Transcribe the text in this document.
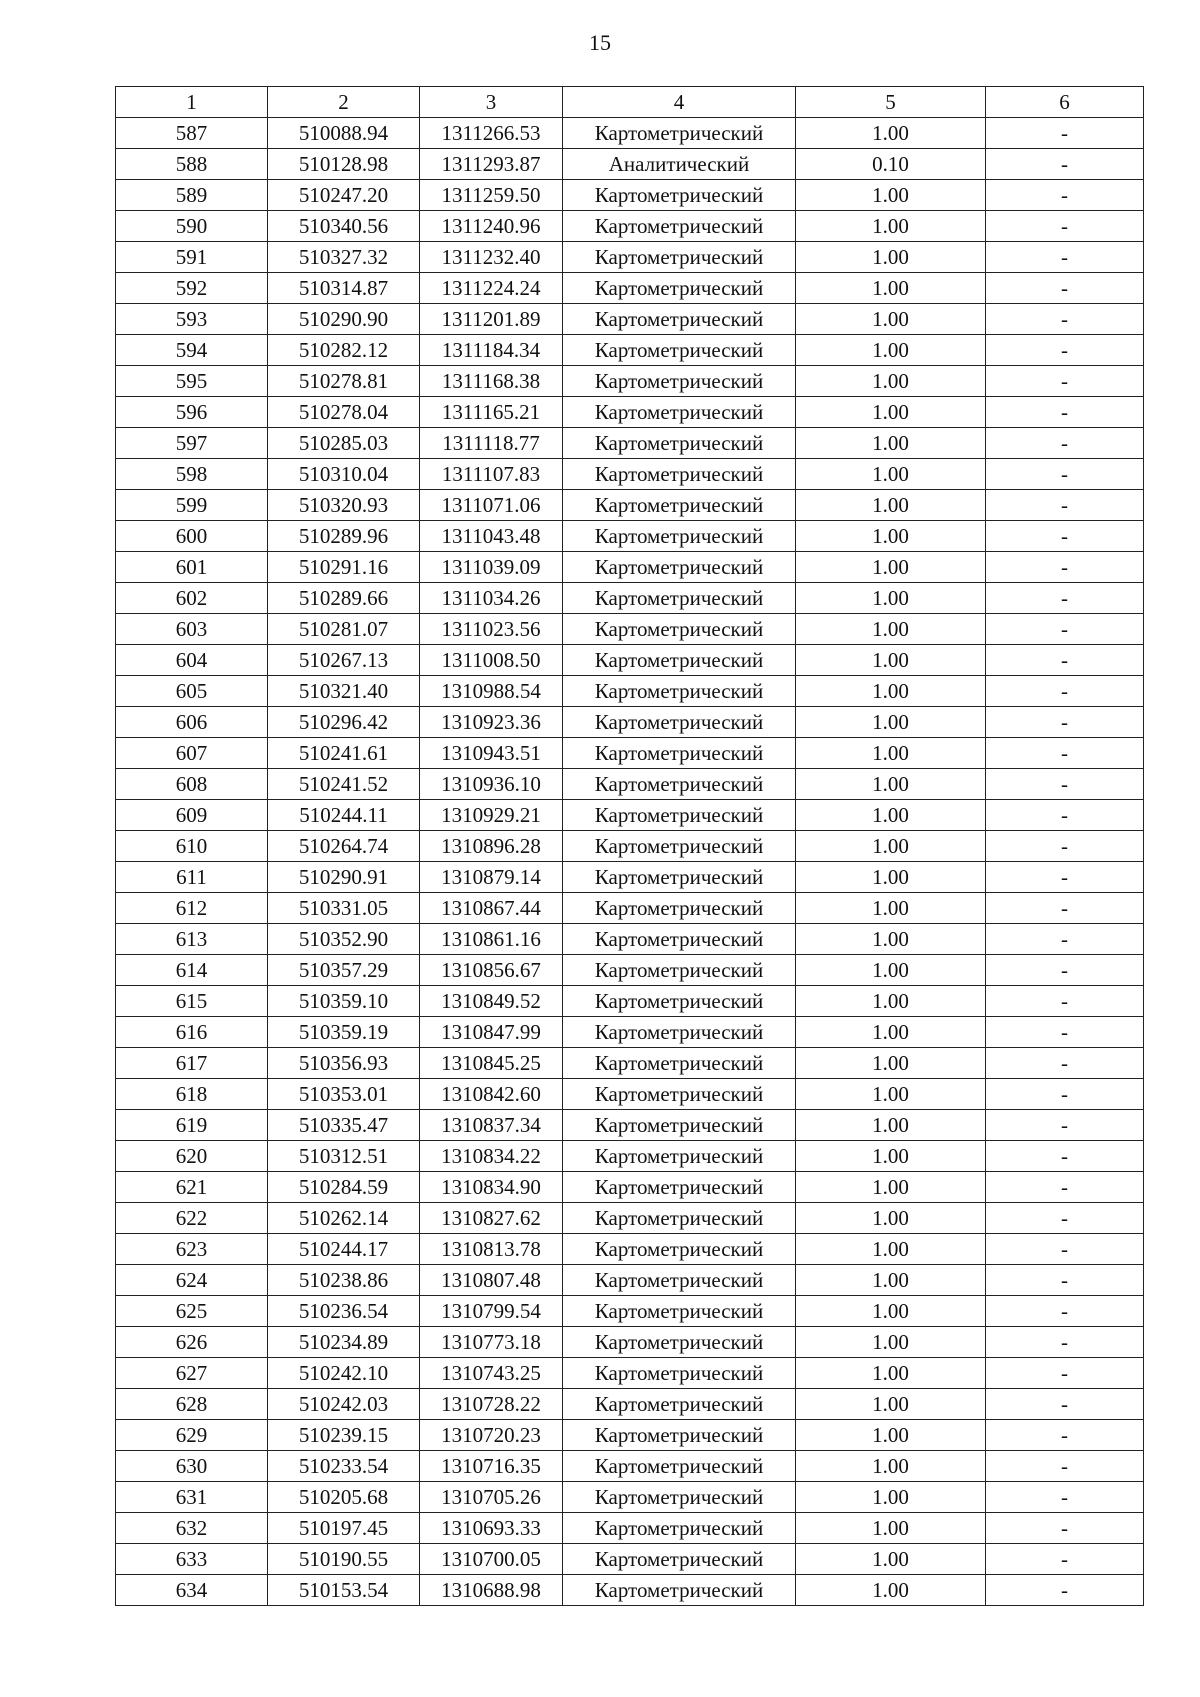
15
1	2	3	4	5	6
587	510088.94	1311266.53	Картометрический	1.00	-
588	510128.98	1311293.87	Аналитический	0.10	-
589	510247.20	1311259.50	Картометрический	1.00	-
590	510340.56	1311240.96	Картометрический	1.00	-
591	510327.32	1311232.40	Картометрический	1.00	-
592	510314.87	1311224.24	Картометрический	1.00	-
593	510290.90	1311201.89	Картометрический	1.00	-
594	510282.12	1311184.34	Картометрический	1.00	-
595	510278.81	1311168.38	Картометрический	1.00	-
596	510278.04	1311165.21	Картометрический	1.00	-
597	510285.03	1311118.77	Картометрический	1.00	-
598	510310.04	1311107.83	Картометрический	1.00	-
599	510320.93	1311071.06	Картометрический	1.00	-
600	510289.96	1311043.48	Картометрический	1.00	-
601	510291.16	1311039.09	Картометрический	1.00	-
602	510289.66	1311034.26	Картометрический	1.00	-
603	510281.07	1311023.56	Картометрический	1.00	-
604	510267.13	1311008.50	Картометрический	1.00	-
605	510321.40	1310988.54	Картометрический	1.00	-
606	510296.42	1310923.36	Картометрический	1.00	-
607	510241.61	1310943.51	Картометрический	1.00	-
608	510241.52	1310936.10	Картометрический	1.00	-
609	510244.11	1310929.21	Картометрический	1.00	-
610	510264.74	1310896.28	Картометрический	1.00	-
611	510290.91	1310879.14	Картометрический	1.00	-
612	510331.05	1310867.44	Картометрический	1.00	-
613	510352.90	1310861.16	Картометрический	1.00	-
614	510357.29	1310856.67	Картометрический	1.00	-
615	510359.10	1310849.52	Картометрический	1.00	-
616	510359.19	1310847.99	Картометрический	1.00	-
617	510356.93	1310845.25	Картометрический	1.00	-
618	510353.01	1310842.60	Картометрический	1.00	-
619	510335.47	1310837.34	Картометрический	1.00	-
620	510312.51	1310834.22	Картометрический	1.00	-
621	510284.59	1310834.90	Картометрический	1.00	-
622	510262.14	1310827.62	Картометрический	1.00	-
623	510244.17	1310813.78	Картометрический	1.00	-
624	510238.86	1310807.48	Картометрический	1.00	-
625	510236.54	1310799.54	Картометрический	1.00	-
626	510234.89	1310773.18	Картометрический	1.00	-
627	510242.10	1310743.25	Картометрический	1.00	-
628	510242.03	1310728.22	Картометрический	1.00	-
629	510239.15	1310720.23	Картометрический	1.00	-
630	510233.54	1310716.35	Картометрический	1.00	-
631	510205.68	1310705.26	Картометрический	1.00	-
632	510197.45	1310693.33	Картометрический	1.00	-
633	510190.55	1310700.05	Картометрический	1.00	-
634	510153.54	1310688.98	Картометрический	1.00	-
